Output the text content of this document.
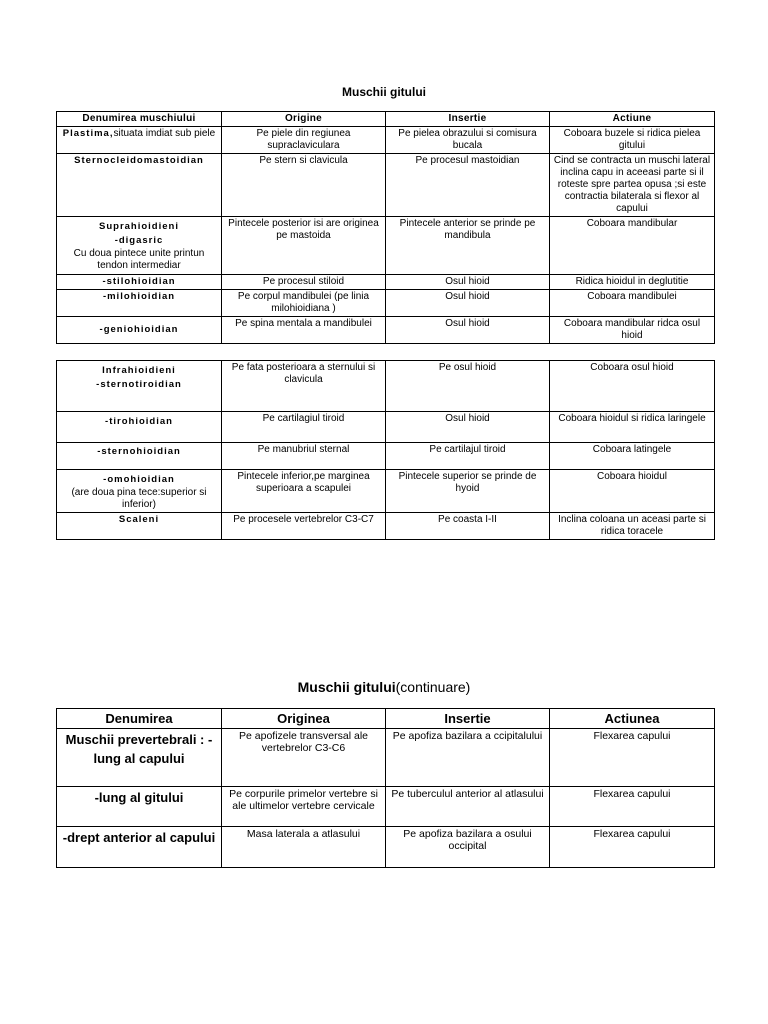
Muschii gitului
Denumirea muschiului	Origine	Insertie	Actiune
Plastima,situata imdiat sub piele	Pe piele din regiunea supraclaviculara	Pe pielea obrazului si comisura bucala	Coboara buzele si ridica pielea gitului
Sternocleidomastoidian	Pe stern si clavicula	Pe procesul mastoidian	Cind se contracta un muschi lateral inclina capu in aceeasi parte si il roteste spre partea opusa ;si este contractia bilaterala si flexor al capului

Suprahioidieni
-digasric
Cu doua pintece unite printun tendon intermediar	Pintecele posterior isi are originea pe mastoida	Pintecele anterior se prinde pe mandibula	Coboara mandibular
-stilohioidian	Pe procesul stiloid	Osul hioid	Ridica hioidul in deglutitie
-milohioidian	Pe corpul mandibulei (pe linia milohioidiana )	Osul hioid	Coboara mandibulei
-geniohioidian	Pe spina mentala a mandibulei	Osul hioid	Coboara mandibular ridca osul hioid
Infrahioidieni
-sternotiroidian	Pe fata posterioara a sternului si clavicula	Pe osul hioid	Coboara osul hioid
-tirohioidian	Pe cartilagiul tiroid	Osul hioid	Coboara hioidul si ridica laringele
-sternohioidian	Pe manubriul sternal	Pe cartilajul tiroid	Coboara latingele

-omohioidian
(are doua pina tece:superior si inferior)	Pintecele inferior,pe marginea superioara a scapulei	Pintecele superior se prinde de hyoid	Coboara hioidul
Scaleni	Pe procesele vertebrelor C3-C7	Pe coasta I-II	Inclina coloana un aceasi parte si ridica toracele
Muschii gitului(continuare)
Denumirea	Originea	Insertie	Actiunea
Muschii prevertebrali : -lung al capului	Pe apofizele transversal ale vertebrelor C3-C6	Pe apofiza bazilara a ccipitalului	Flexarea capului
-lung al gitului	Pe corpurile primelor vertebre si ale ultimelor vertebre cervicale	Pe tuberculul anterior al atlasului	Flexarea capului
-drept anterior al capului	Masa laterala a atlasului	Pe apofiza bazilara a osului occipital	Flexarea capului
